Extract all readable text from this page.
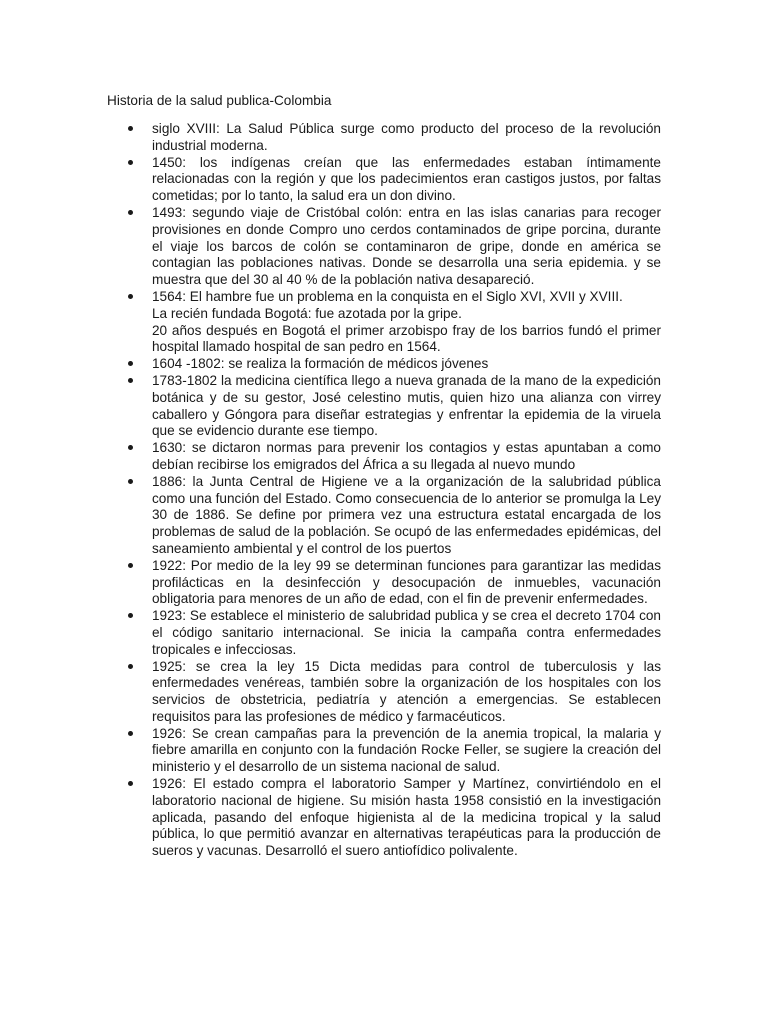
Historia de la salud publica-Colombia
siglo XVIII: La Salud Pública surge como producto del proceso de la revolución industrial moderna.
1450: los indígenas creían que las enfermedades estaban íntimamente relacionadas con la región y que los padecimientos eran castigos justos, por faltas cometidas; por lo tanto, la salud era un don divino.
1493: segundo viaje de Cristóbal colón: entra en las islas canarias para recoger provisiones en donde Compro uno cerdos contaminados de gripe porcina, durante el viaje los barcos de colón se contaminaron de gripe, donde en américa se contagian las poblaciones nativas. Donde se desarrolla una seria epidemia. y se muestra que del 30 al 40 % de la población nativa desapareció.
1564: El hambre fue un problema en la conquista en el Siglo XVI, XVII y XVIII.
La recién fundada Bogotá: fue azotada por la gripe.
20 años después en Bogotá el primer arzobispo fray de los barrios fundó el primer hospital llamado hospital de san pedro en 1564.
1604 -1802: se realiza la formación de médicos jóvenes
1783-1802 la medicina científica llego a nueva granada de la mano de la expedición botánica y de su gestor, José celestino mutis, quien hizo una alianza con virrey caballero y Góngora para diseñar estrategias y enfrentar la epidemia de la viruela que se evidencio durante ese tiempo.
1630: se dictaron normas para prevenir los contagios y estas apuntaban a como debían recibirse los emigrados del África a su llegada al nuevo mundo
1886: la Junta Central de Higiene ve a la organización de la salubridad pública como una función del Estado. Como consecuencia de lo anterior se promulga la Ley 30 de 1886. Se define por primera vez una estructura estatal encargada de los problemas de salud de la población. Se ocupó de las enfermedades epidémicas, del saneamiento ambiental y el control de los puertos
1922: Por medio de la ley 99 se determinan funciones para garantizar las medidas profilácticas en la desinfección y desocupación de inmuebles, vacunación obligatoria para menores de un año de edad, con el fin de prevenir enfermedades.
1923: Se establece el ministerio de salubridad publica y se crea el decreto 1704 con el código sanitario internacional. Se inicia la campaña contra enfermedades tropicales e infecciosas.
1925: se crea la ley 15 Dicta medidas para control de tuberculosis y las enfermedades venéreas, también sobre la organización de los hospitales con los servicios de obstetricia, pediatría y atención a emergencias. Se establecen requisitos para las profesiones de médico y farmacéuticos.
1926: Se crean campañas para la prevención de la anemia tropical, la malaria y fiebre amarilla en conjunto con la fundación Rocke Feller, se sugiere la creación del ministerio y el desarrollo de un sistema nacional de salud.
1926: El estado compra el laboratorio Samper y Martínez, convirtiéndolo en el laboratorio nacional de higiene. Su misión hasta 1958 consistió en la investigación aplicada, pasando del enfoque higienista al de la medicina tropical y la salud pública, lo que permitió avanzar en alternativas terapéuticas para la producción de sueros y vacunas. Desarrolló el suero antiofídico polivalente.
